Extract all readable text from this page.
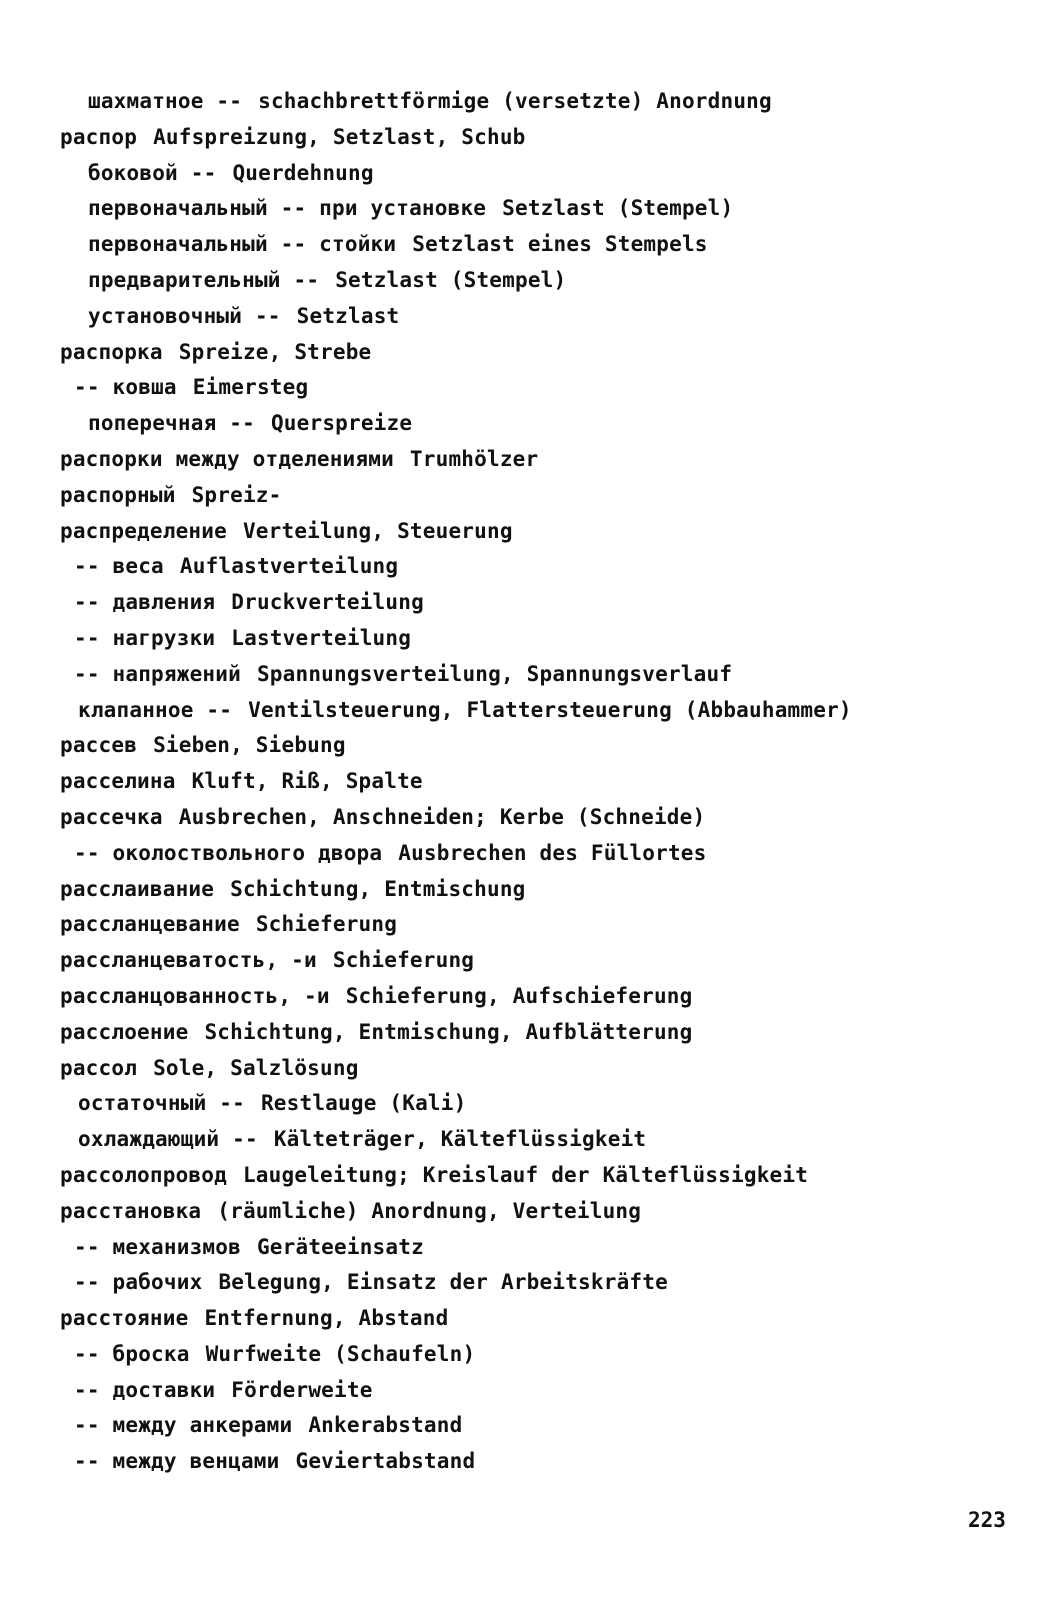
шахматное -- schachbrettförmige (versetzte) Anordnung
распор Aufspreizung, Setzlast, Schub
боковой -- Querdehnung
первоначальный -- при установке Setzlast (Stempel)
первоначальный -- стойки Setzlast eines Stempels
предварительный -- Setzlast (Stempel)
установочный -- Setzlast
распорка Spreize, Strebe
-- ковша Eimersteg
поперечная -- Querspreize
распорки между отделениями Trumhölzer
распорный Spreiz-
распределение Verteilung, Steuerung
-- веса Auflastverteilung
-- давления Druckverteilung
-- нагрузки Lastverteilung
-- напряжений Spannungsverteilung, Spannungsverlauf
клапанное -- Ventilsteuerung, Flattersteuerung (Abbauhammer)
рассев Sieben, Siebung
расселина Kluft, Riß, Spalte
рассечка Ausbrechen, Anschneiden; Kerbe (Schneide)
-- околоствольного двора Ausbrechen des Füllortes
расслаивание Schichtung, Entmischung
рассланцевание Schieferung
рассланцеватость, -и Schieferung
рассланцованность, -и Schieferung, Aufschieferung
расслоение Schichtung, Entmischung, Aufblätterung
рассол Sole, Salzlösung
остаточный -- Restlauge (Kali)
охлаждающий -- Kälteträger, Kälteflüssigkeit
рассолопровод Laugeleitung; Kreislauf der Kälteflüssigkeit
расстановка (räumliche) Anordnung, Verteilung
-- механизмов Geräteeinsatz
-- рабочих Belegung, Einsatz der Arbeitskräfte
расстояние Entfernung, Abstand
-- броска Wurfweite (Schaufeln)
-- доставки Förderweite
-- между анкерами Ankerabstand
-- между венцами Geviertabstand
223
